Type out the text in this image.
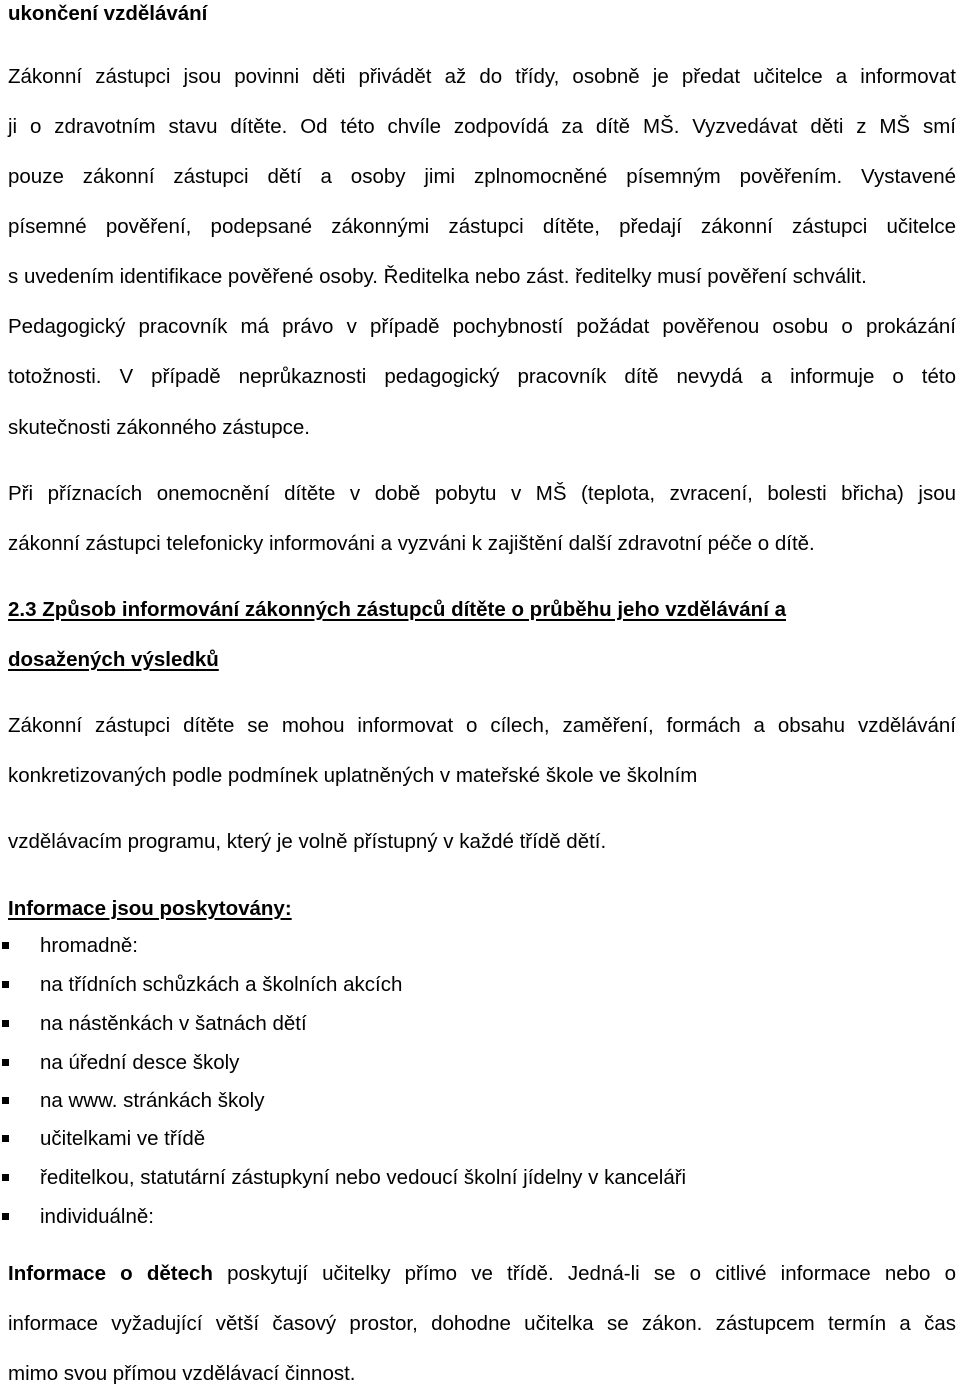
ukončení vzdělávání
Zákonní zástupci jsou povinni děti přivádět až do třídy, osobně je předat učitelce a informovat
ji o zdravotním stavu dítěte. Od této chvíle zodpovídá za dítě MŠ. Vyzvedávat děti z MŠ smí
pouze zákonní zástupci dětí a osoby jimi zplnomocněné písemným pověřením. Vystavené
písemné pověření, podepsané zákonnými zástupci dítěte, předají zákonní zástupci učitelce
s uvedením identifikace pověřené osoby. Ředitelka nebo zást. ředitelky musí pověření schválit.
Pedagogický pracovník má právo v případě pochybností požádat pověřenou osobu o prokázání
totožnosti. V případě neprůkaznosti pedagogický pracovník dítě nevydá a informuje o této
skutečnosti zákonného zástupce.
Při příznacích onemocnění dítěte v době pobytu v MŠ (teplota, zvracení, bolesti břicha) jsou
zákonní zástupci telefonicky informováni a vyzváni k zajištění další zdravotní péče o dítě.
2.3 Způsob informování zákonných zástupců dítěte o průběhu jeho vzdělávání a
dosažených výsledků
Zákonní zástupci dítěte se mohou informovat o cílech, zaměření, formách a obsahu vzdělávání
konkretizovaných podle podmínek uplatněných v mateřské škole ve školním
vzdělávacím programu, který je volně přístupný v každé třídě dětí.
Informace jsou poskytovány:
hromadně:
na třídních schůzkách a školních akcích
na nástěnkách v šatnách dětí
na úřední desce školy
na www. stránkách školy
učitelkami ve třídě
ředitelkou, statutární zástupkyní nebo vedoucí školní jídelny v kanceláři
individuálně:
Informace o dětech poskytují učitelky přímo ve třídě. Jedná-li se o citlivé informace nebo o
informace vyžadující větší časový prostor, dohodne učitelka se zákon. zástupcem termín a čas
mimo svou přímou vzdělávací činnost.
